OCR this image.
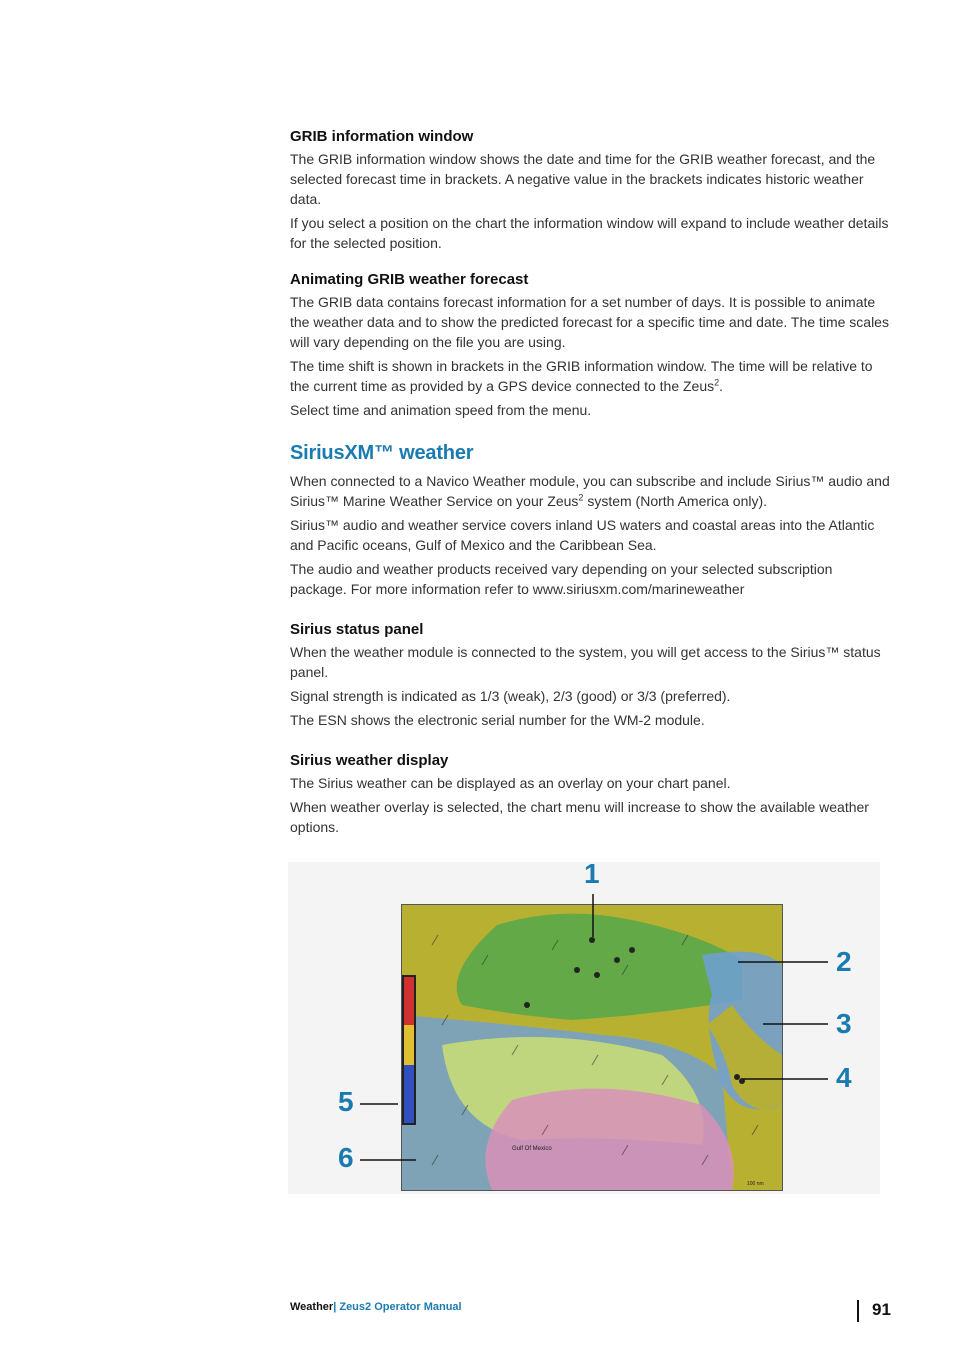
GRIB information window

The GRIB information window shows the date and time for the GRIB weather forecast, and the selected forecast time in brackets. A negative value in the brackets indicates historic weather data.

If you select a position on the chart the information window will expand to include weather details for the selected position.

Animating GRIB weather forecast

The GRIB data contains forecast information for a set number of days. It is possible to animate the weather data and to show the predicted forecast for a specific time and date. The time scales will vary depending on the file you are using.

The time shift is shown in brackets in the GRIB information window. The time will be relative to the current time as provided by a GPS device connected to the Zeus$^2$.

Select time and animation speed from the menu.

SiriusXM™ weather

When connected to a Navico Weather module, you can subscribe and include Sirius™ audio and Sirius™ Marine Weather Service on your Zeus$^2$ system (North America only).

Sirius™ audio and weather service covers inland US waters and coastal areas into the Atlantic and Pacific oceans, Gulf of Mexico and the Caribbean Sea.

The audio and weather products received vary depending on your selected subscription package. For more information refer to www.siriusxm.com/marineweather

Sirius status panel

When the weather module is connected to the system, you will get access to the Sirius™ status panel.

Signal strength is indicated as 1/3 (weak), 2/3 (good) or 3/3 (preferred).

The ESN shows the electronic serial number for the WM-2 module.

Sirius weather display

The Sirius weather can be displayed as an overlay on your chart panel.

When weather overlay is selected, the chart menu will increase to show the available weather options.

Gulf Of Mexico
100 nm
1
2
3
4
5
6
Weather| Zeus2 Operator Manual	91
